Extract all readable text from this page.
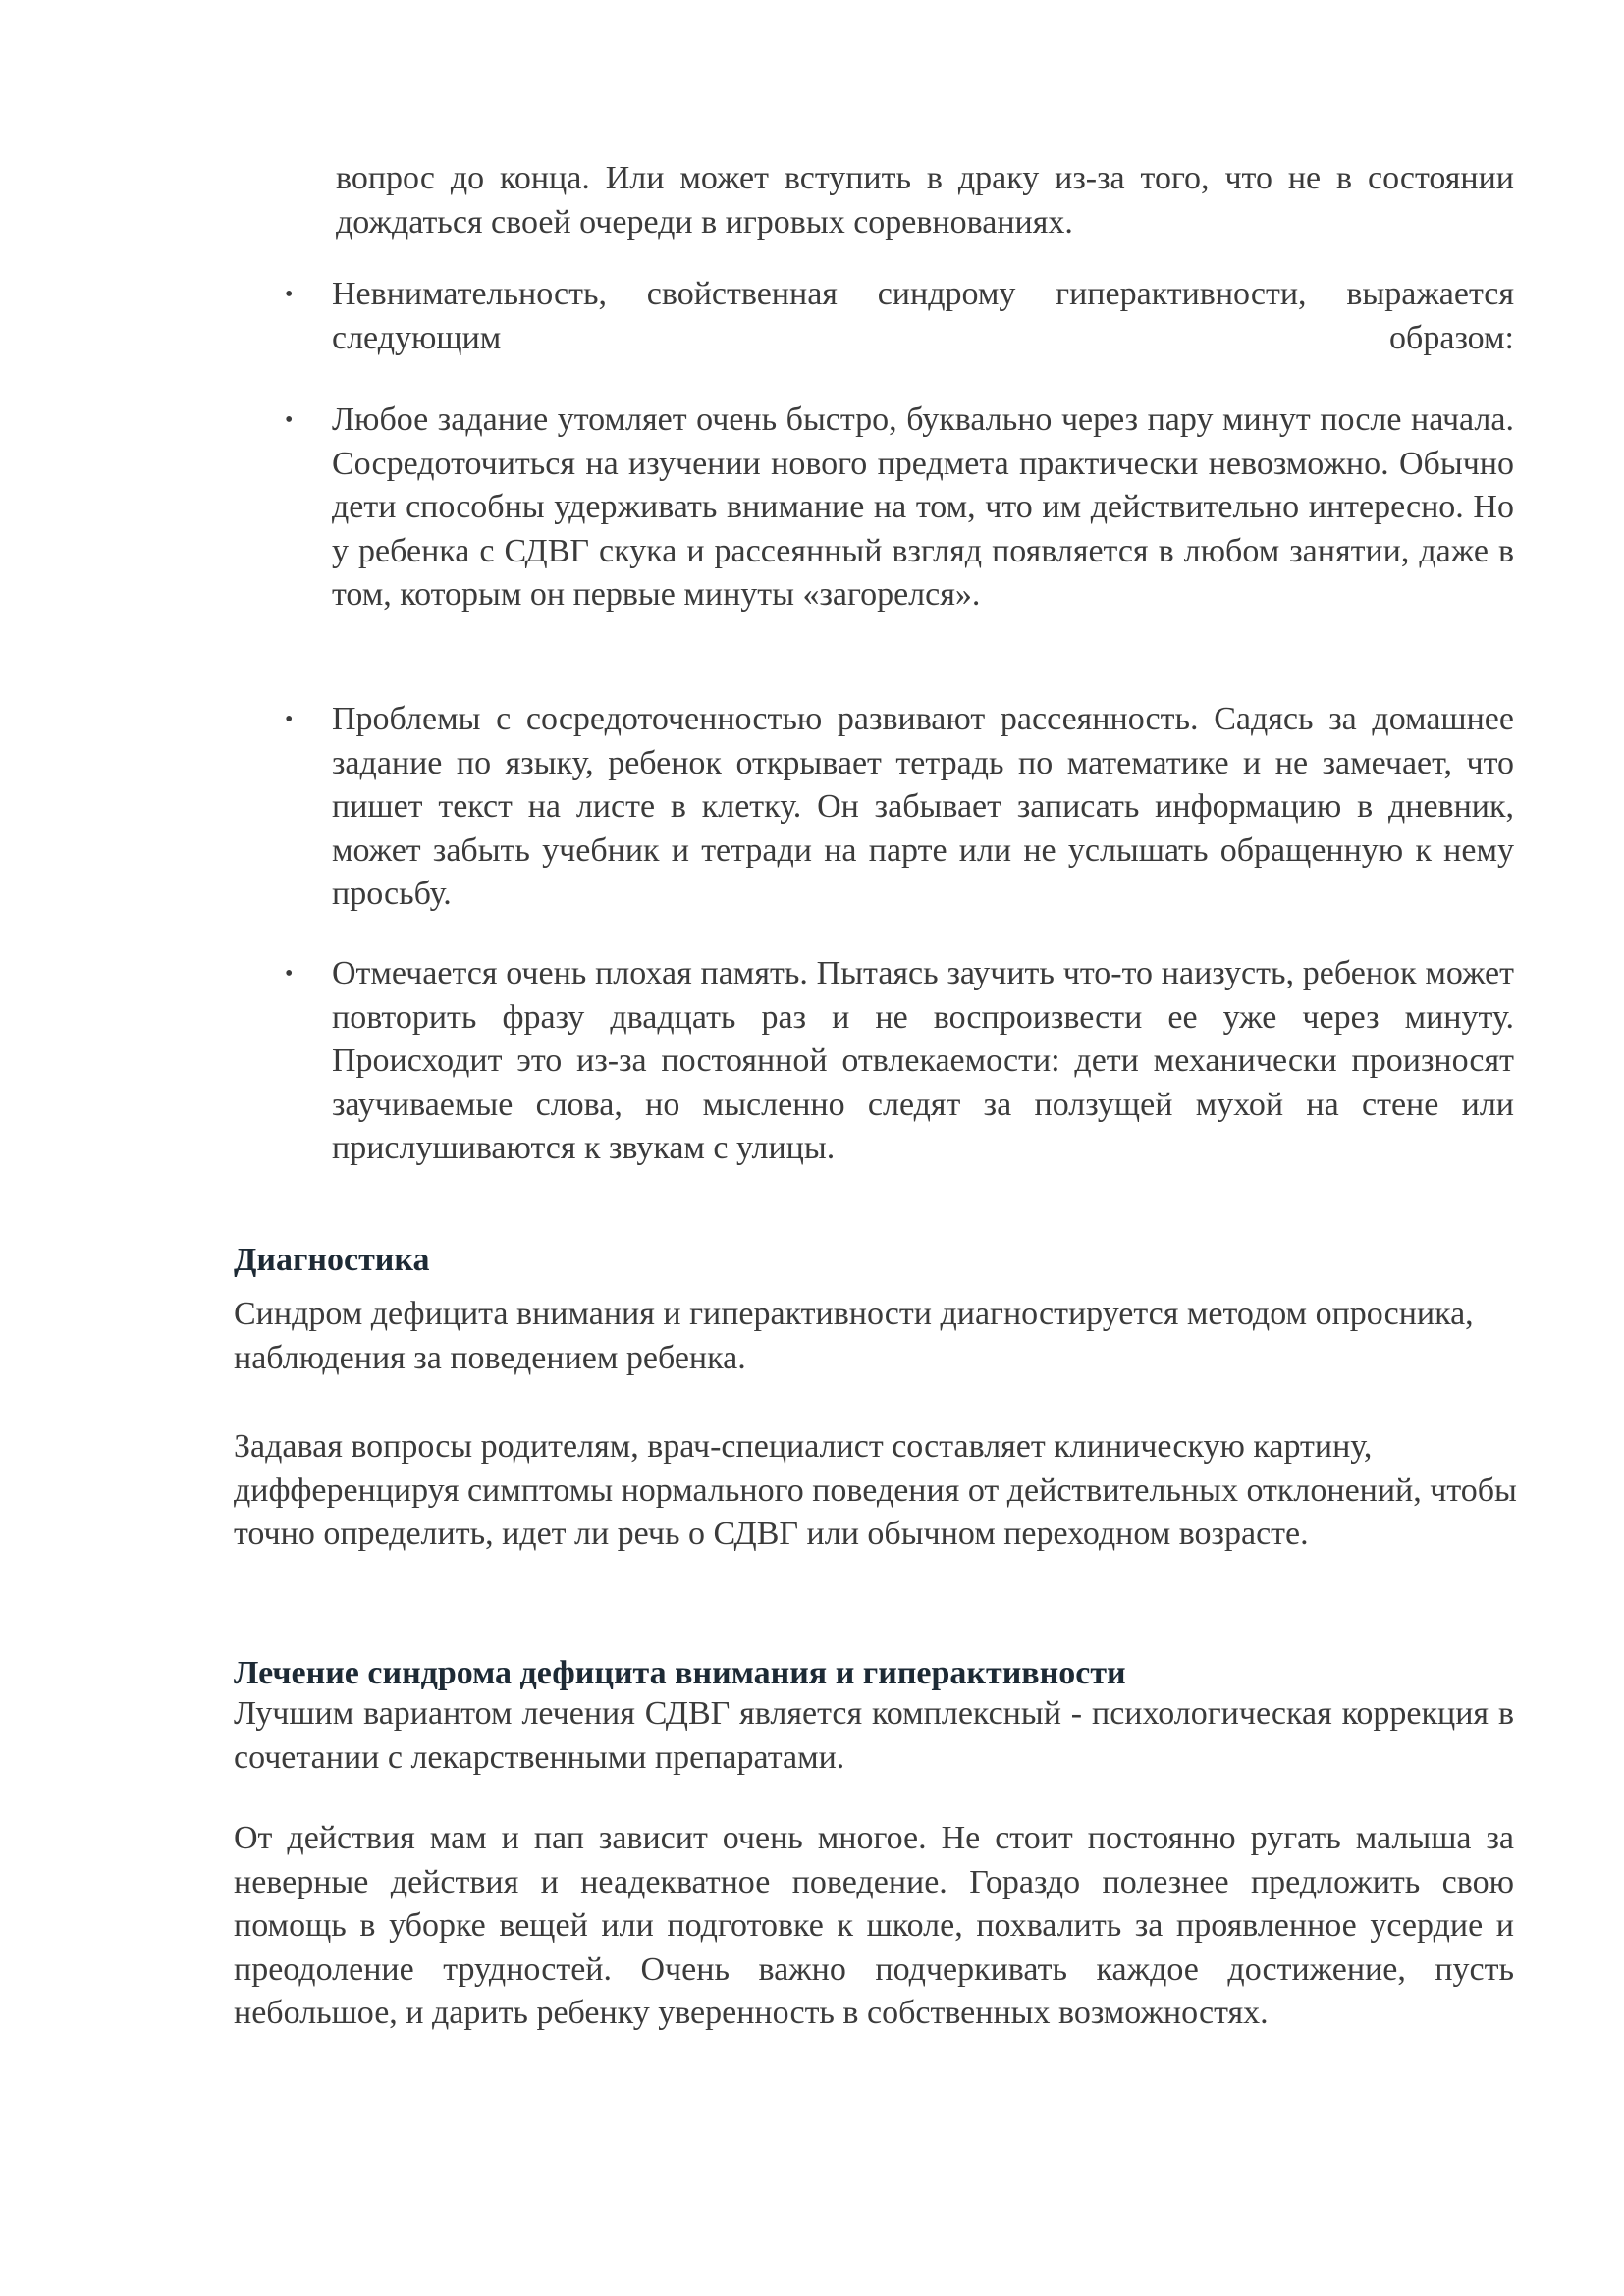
вопрос до конца. Или может вступить в драку из-за того, что не в состоянии дождаться своей очереди в игровых соревнованиях.
•	Невнимательность, свойственная синдрому гиперактивности, выражается следующим образом:
•	Любое задание утомляет очень быстро, буквально через пару минут после начала. Сосредоточиться на изучении нового предмета практически невозможно. Обычно дети способны удерживать внимание на том, что им действительно интересно. Но у ребенка с СДВГ скука и рассеянный взгляд появляется в любом занятии, даже в том, которым он первые минуты «загорелся».
•	Проблемы с сосредоточенностью развивают рассеянность. Садясь за домашнее задание по языку, ребенок открывает тетрадь по математике и не замечает, что пишет текст на листе в клетку. Он забывает записать информацию в дневник, может забыть учебник и тетради на парте или не услышать обращенную к нему просьбу.
•	Отмечается очень плохая память. Пытаясь заучить что-то наизусть, ребенок может повторить фразу двадцать раз и не воспроизвести ее уже через минуту. Происходит это из-за постоянной отвлекаемости: дети механически произносят заучиваемые слова, но мысленно следят за ползущей мухой на стене или прислушиваются к звукам с улицы.
Диагностика
Синдром дефицита внимания и гиперактивности диагностируется методом опросника, наблюдения за поведением ребенка.
Задавая вопросы родителям, врач-специалист составляет клиническую картину, дифференцируя симптомы нормального поведения от действительных отклонений, чтобы точно определить, идет ли речь о СДВГ или обычном переходном возрасте.
Лечение синдрома дефицита внимания и гиперактивности
Лучшим вариантом лечения СДВГ является комплексный - психологическая коррекция в сочетании с лекарственными препаратами.
От действия мам и пап зависит очень многое. Не стоит постоянно ругать малыша за неверные действия и неадекватное поведение. Гораздо полезнее предложить свою помощь в уборке вещей или подготовке к школе, похвалить за проявленное усердие и преодоление трудностей. Очень важно подчеркивать каждое достижение, пусть небольшое, и дарить ребенку уверенность в собственных возможностях.
